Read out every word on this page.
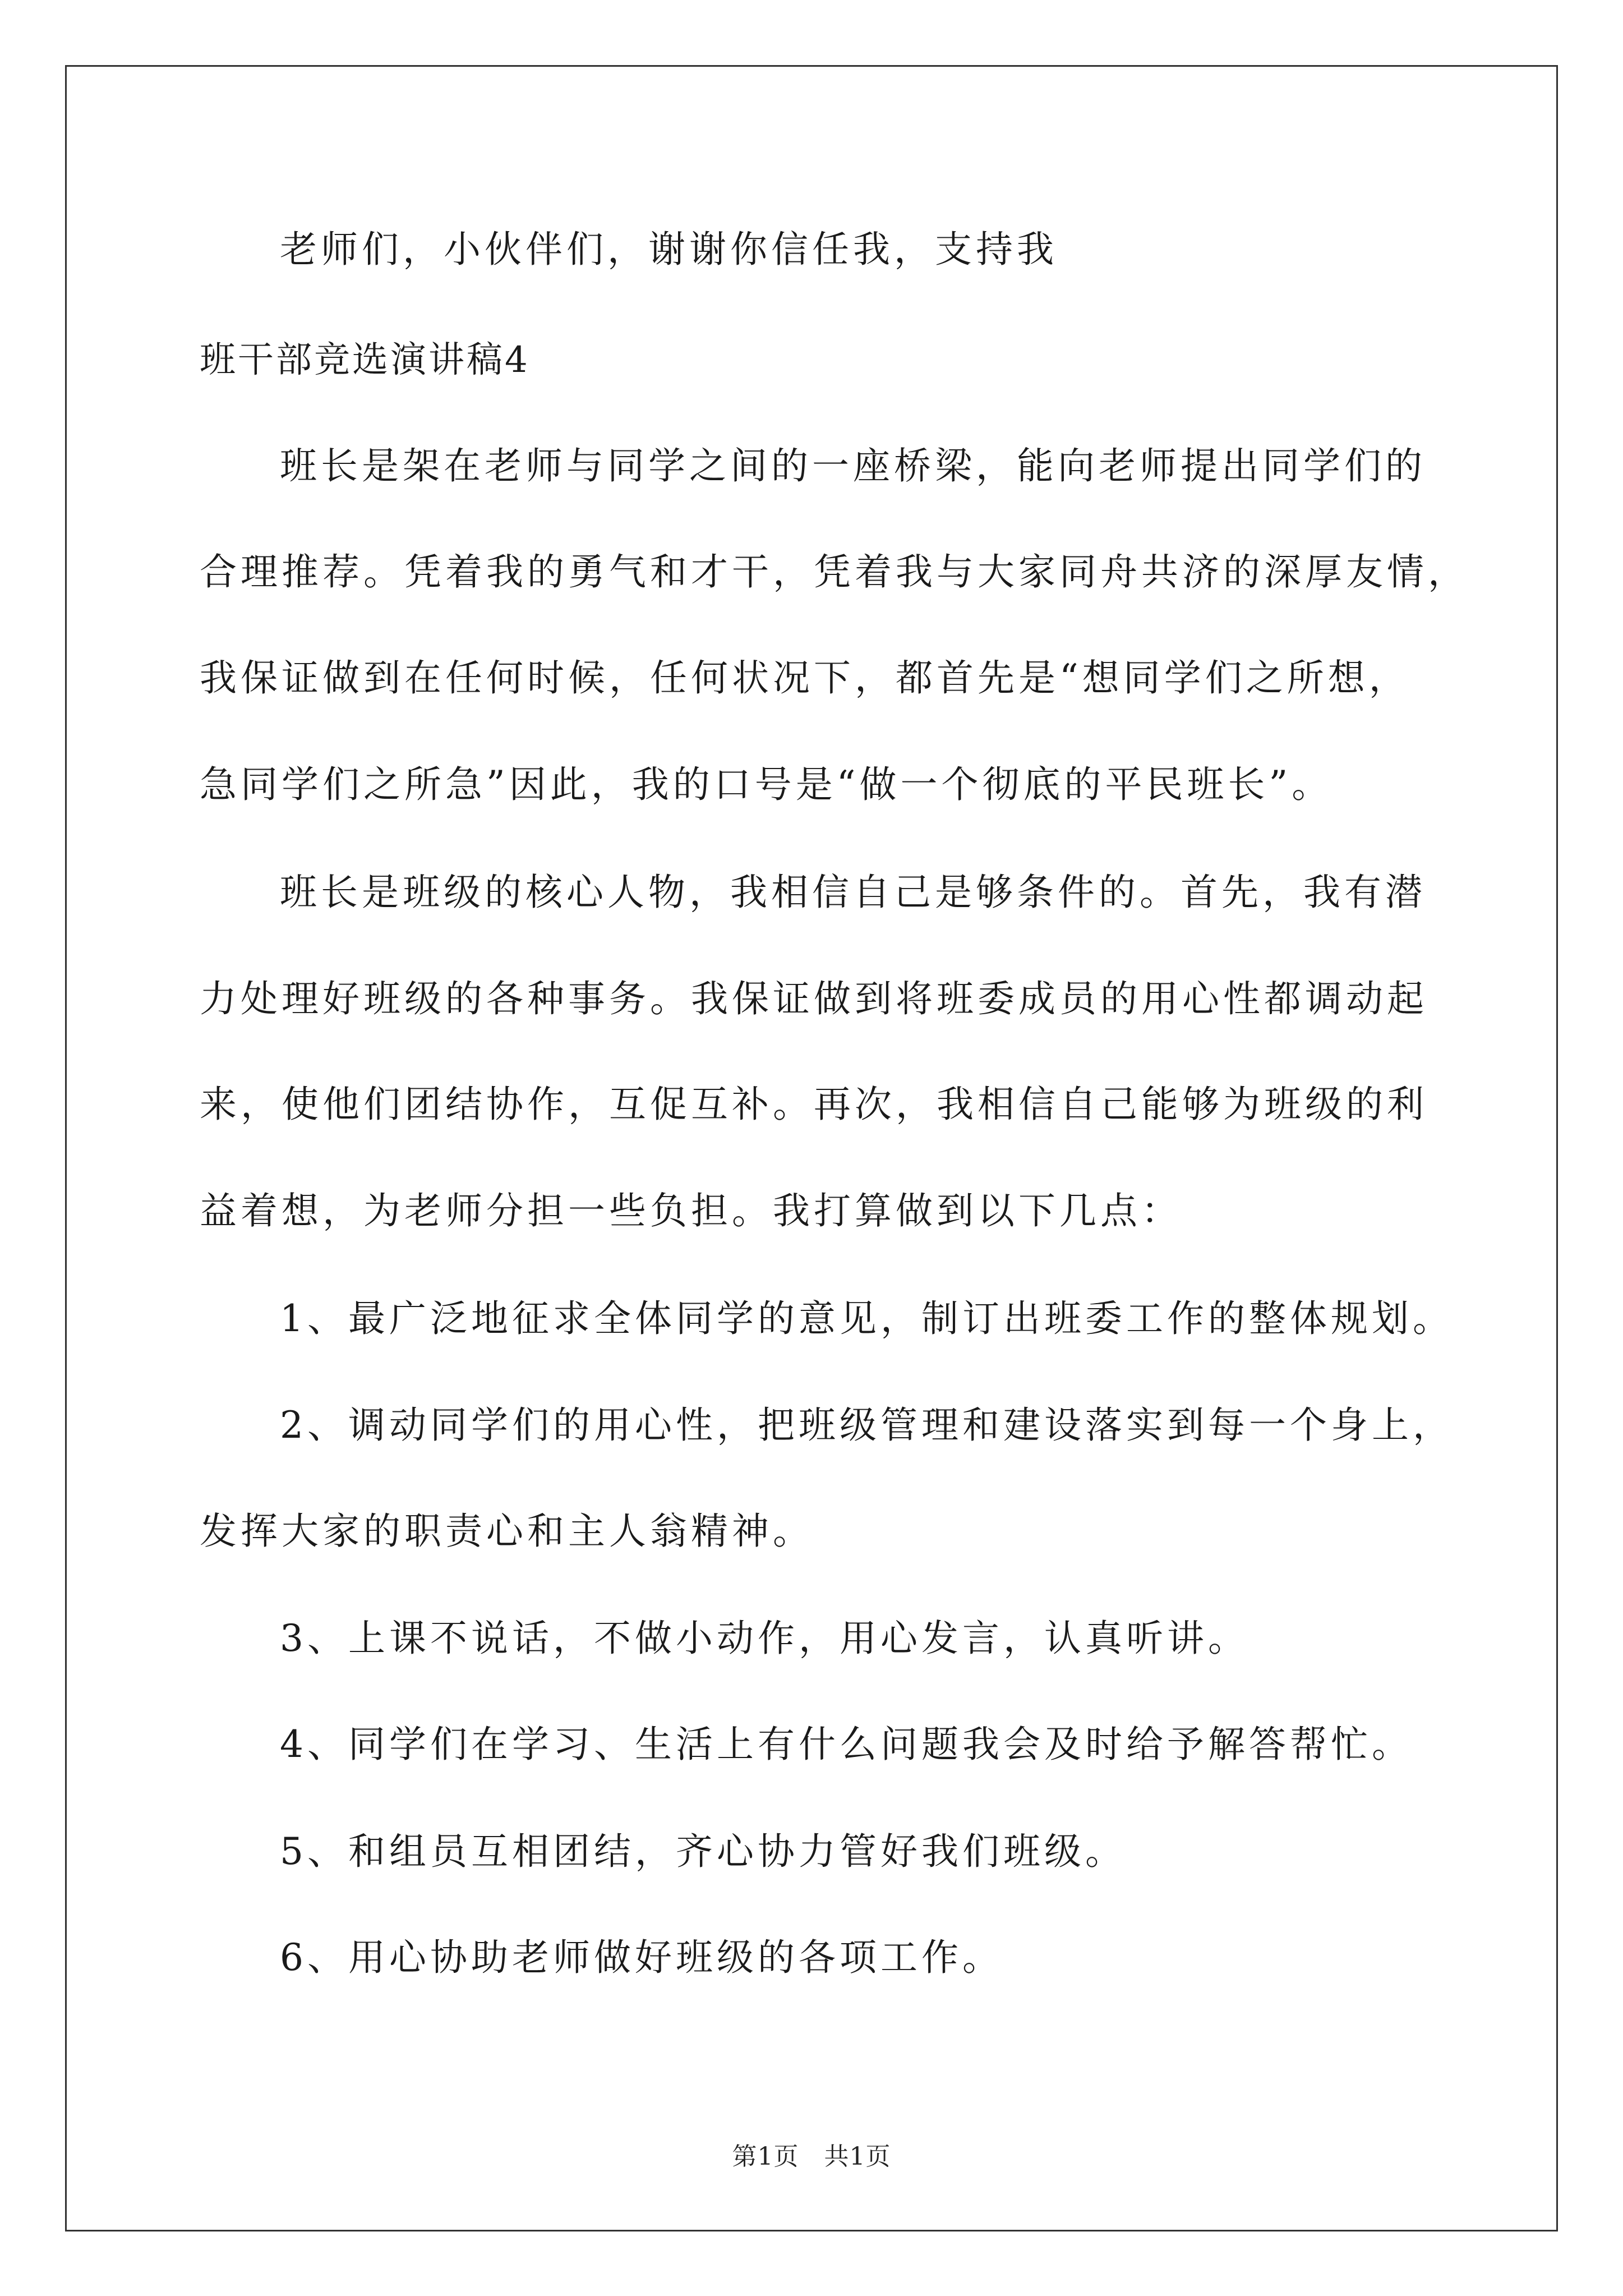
老师们，小伙伴们，谢谢你信任我，支持我
班干部竞选演讲稿4
班长是架在老师与同学之间的一座桥梁，能向老师提出同学们的
合理推荐。凭着我的勇气和才干，凭着我与大家同舟共济的深厚友情，
我保证做到在任何时候，任何状况下，都首先是“想同学们之所想，
急同学们之所急”因此，我的口号是“做一个彻底的平民班长”。
班长是班级的核心人物，我相信自己是够条件的。首先，我有潜
力处理好班级的各种事务。我保证做到将班委成员的用心性都调动起
来，使他们团结协作，互促互补。再次，我相信自己能够为班级的利
益着想，为老师分担一些负担。我打算做到以下几点：
1、最广泛地征求全体同学的意见，制订出班委工作的整体规划。
2、调动同学们的用心性，把班级管理和建设落实到每一个身上，
发挥大家的职责心和主人翁精神。
3、上课不说话，不做小动作，用心发言，认真听讲。
4、同学们在学习、生活上有什么问题我会及时给予解答帮忙。
5、和组员互相团结，齐心协力管好我们班级。
6、用心协助老师做好班级的各项工作。
第1页　共1页
